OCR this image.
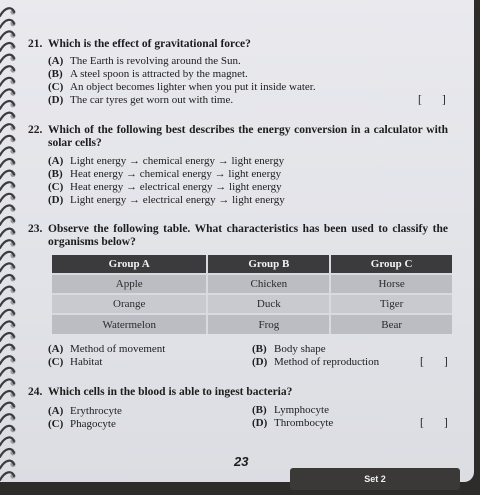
21. Which is the effect of gravitational force?
(A) The Earth is revolving around the Sun.
(B) A steel spoon is attracted by the magnet.
(C) An object becomes lighter when you put it inside water.
(D) The car tyres get worn out with time.	[       ]
22. Which of the following best describes the energy conversion in a calculator with solar cells?
(A) Light energy → chemical energy → light energy
(B) Heat energy → chemical energy → light energy
(C) Heat energy → electrical energy → light energy
(D) Light energy → electrical energy → light energy
23. Observe the following table. What characteristics has been used to classify the organisms below?
Group A	Group B	Group C
Apple	Chicken	Horse
Orange	Duck	Tiger
Watermelon	Frog	Bear
(A) Method of movement	(B) Body shape
(C) Habitat	(D) Method of reproduction	[       ]
24. Which cells in the blood is able to ingest bacteria?
(A) Erythrocyte	(B) Lymphocyte
(C) Phagocyte	(D) Thrombocyte	[       ]
23
Set 2
